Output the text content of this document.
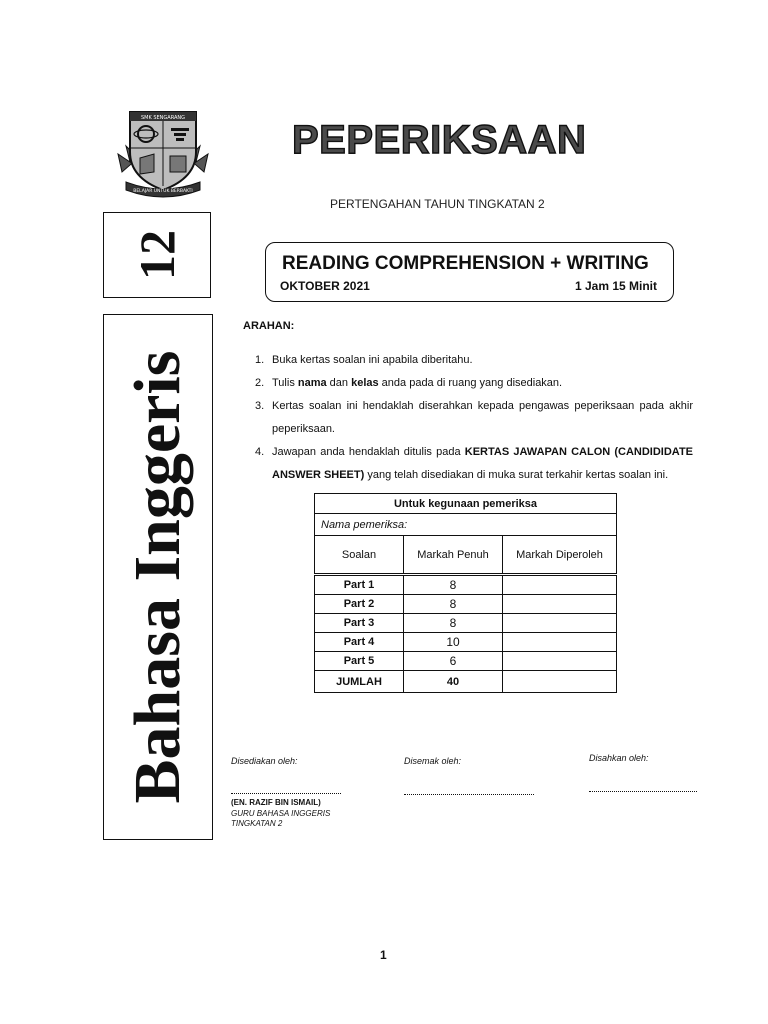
SMK SENGARANG
BELAJAR UNTUK BERBAKTI
PEPERIKSAAN
PERTENGAHAN TAHUN TINGKATAN 2
12
Bahasa Inggeris
READING COMPREHENSION + WRITING
OKTOBER 2021	1 Jam 15 Minit
ARAHAN:
1. Buka kertas soalan ini apabila diberitahu.
2. Tulis nama dan kelas anda pada di ruang yang disediakan.
3. Kertas soalan ini hendaklah diserahkan kepada pengawas peperiksaan pada akhir peperiksaan.
4. Jawapan anda hendaklah ditulis pada KERTAS JAWAPAN CALON (CANDIDIDATE ANSWER SHEET) yang telah disediakan di muka surat terkahir kertas soalan ini.
Untuk kegunaan pemeriksa		
Nama pemeriksa:		
Soalan	Markah Penuh	Markah Diperoleh
Part 1	8	
Part 2	8	
Part 3	8	
Part 4	10	
Part 5	6	
JUMLAH	40	
Disediakan oleh:	Disemak oleh:	Disahkan oleh:
(EN. RAZIF BIN ISMAIL)
GURU BAHASA INGGERIS
TINGKATAN 2
1
